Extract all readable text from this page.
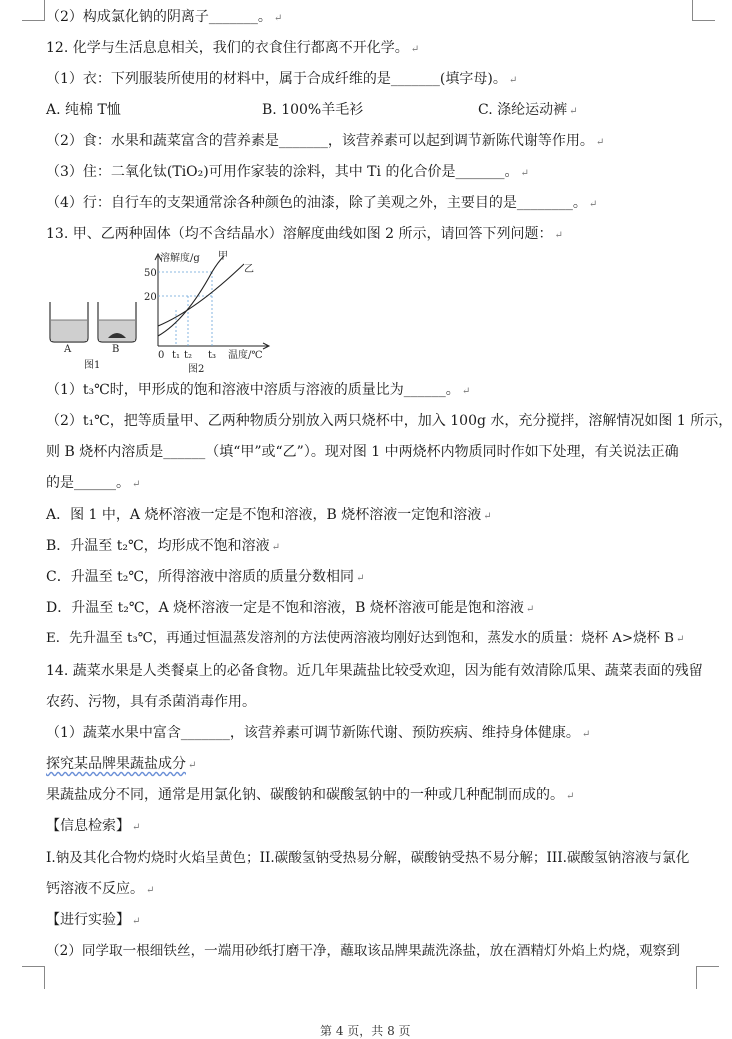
（2）构成氯化钠的阴离子_______。 ↵
12. 化学与生活息息相关，我们的衣食住行都离不开化学。 ↵
（1）衣：下列服装所使用的材料中，属于合成纤维的是_______(填字母)。 ↵
A. 纯棉 T恤	B. 100%羊毛衫	C. 涤纶运动裤 ↵
（2）食：水果和蔬菜富含的营养素是_______，该营养素可以起到调节新陈代谢等作用。 ↵
（3）住：二氧化钛(TiO₂)可用作家装的涂料，其中 Ti 的化合价是_______。 ↵
（4）行：自行车的支架通常涂各种颜色的油漆，除了美观之外，主要目的是________。 ↵
13. 甲、乙两种固体（均不含结晶水）溶解度曲线如图 2 所示，请回答下列问题： ↵
A	B
图1
溶解度/g 甲
乙
50
20
0 t₁ t₂ t₃ 温度/℃
图2
（1）t₃℃时，甲形成的饱和溶液中溶质与溶液的质量比为______。 ↵
（2）t₁℃，把等质量甲、乙两种物质分别放入两只烧杯中，加入 100g 水，充分搅拌，溶解情况如图 1 所示，
则 B 烧杯内溶质是______（填“甲”或“乙”）。现对图 1 中两烧杯内物质同时作如下处理，有关说法正确
的是______。 ↵
A．图 1 中，A 烧杯溶液一定是不饱和溶液，B 烧杯溶液一定饱和溶液 ↵
B．升温至 t₂℃，均形成不饱和溶液 ↵
C．升温至 t₂℃，所得溶液中溶质的质量分数相同 ↵
D．升温至 t₂℃，A 烧杯溶液一定是不饱和溶液，B 烧杯溶液可能是饱和溶液 ↵
E．先升温至 t₃℃，再通过恒温蒸发溶剂的方法使两溶液均刚好达到饱和，蒸发水的质量：烧杯 A>烧杯 B ↵
14. 蔬菜水果是人类餐桌上的必备食物。近几年果蔬盐比较受欢迎，因为能有效清除瓜果、蔬菜表面的残留
农药、污物，具有杀菌消毒作用。
（1）蔬菜水果中富含_______，该营养素可调节新陈代谢、预防疾病、维持身体健康。 ↵
探究某品牌果蔬盐成分 ↵
果蔬盐成分不同，通常是用氯化钠、碳酸钠和碳酸氢钠中的一种或几种配制而成的。 ↵
【信息检索】 ↵
I.钠及其化合物灼烧时火焰呈黄色；II.碳酸氢钠受热易分解，碳酸钠受热不易分解；III.碳酸氢钠溶液与氯化
钙溶液不反应。 ↵
【进行实验】 ↵
（2）同学取一根细铁丝，一端用砂纸打磨干净，蘸取该品牌果蔬洗涤盐，放在酒精灯外焰上灼烧，观察到
第 4 页，共 8 页
